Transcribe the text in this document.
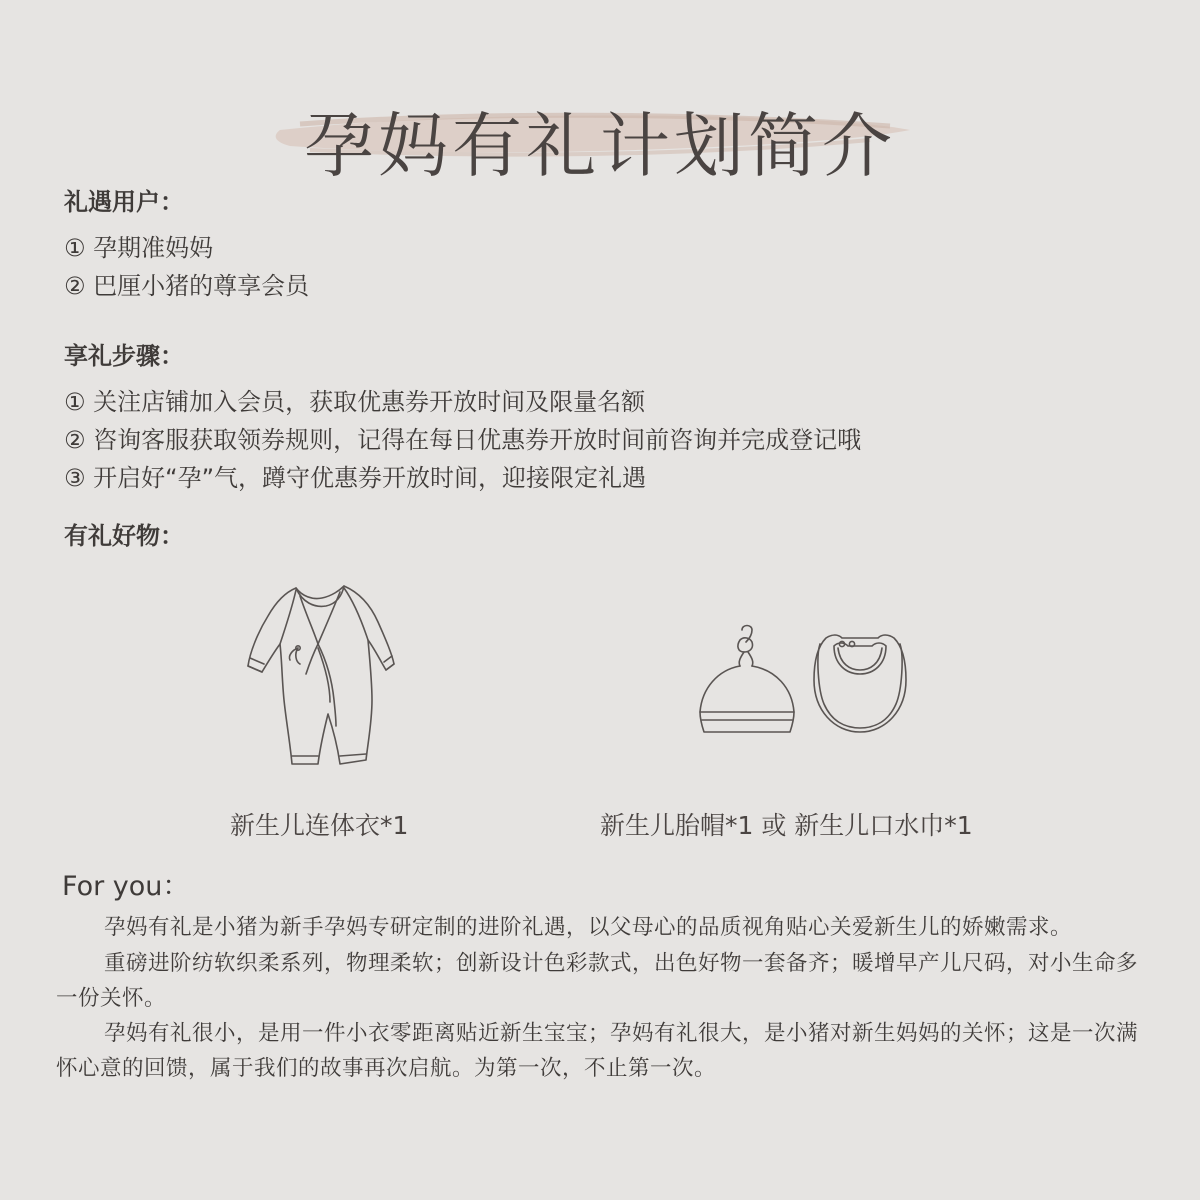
孕妈有礼计划简介

礼遇用户：

① 孕期准妈妈

② 巴厘小猪的尊享会员

享礼步骤：

① 关注店铺加入会员，获取优惠券开放时间及限量名额

② 咨询客服获取领券规则，记得在每日优惠券开放时间前咨询并完成登记哦

③ 开启好“孕”气，蹲守优惠券开放时间，迎接限定礼遇

有礼好物：

新生儿连体衣*1	新生儿胎帽*1 或 新生儿口水巾*1

For you：

孕妈有礼是小猪为新手孕妈专研定制的进阶礼遇，以父母心的品质视角贴心关爱新生儿的娇嫩需求。

重磅进阶纺软织柔系列，物理柔软；创新设计色彩款式，出色好物一套备齐；暖增早产儿尺码，对小生命多一份关怀。

孕妈有礼很小，是用一件小衣零距离贴近新生宝宝；孕妈有礼很大，是小猪对新生妈妈的关怀；这是一次满怀心意的回馈，属于我们的故事再次启航。为第一次，不止第一次。
